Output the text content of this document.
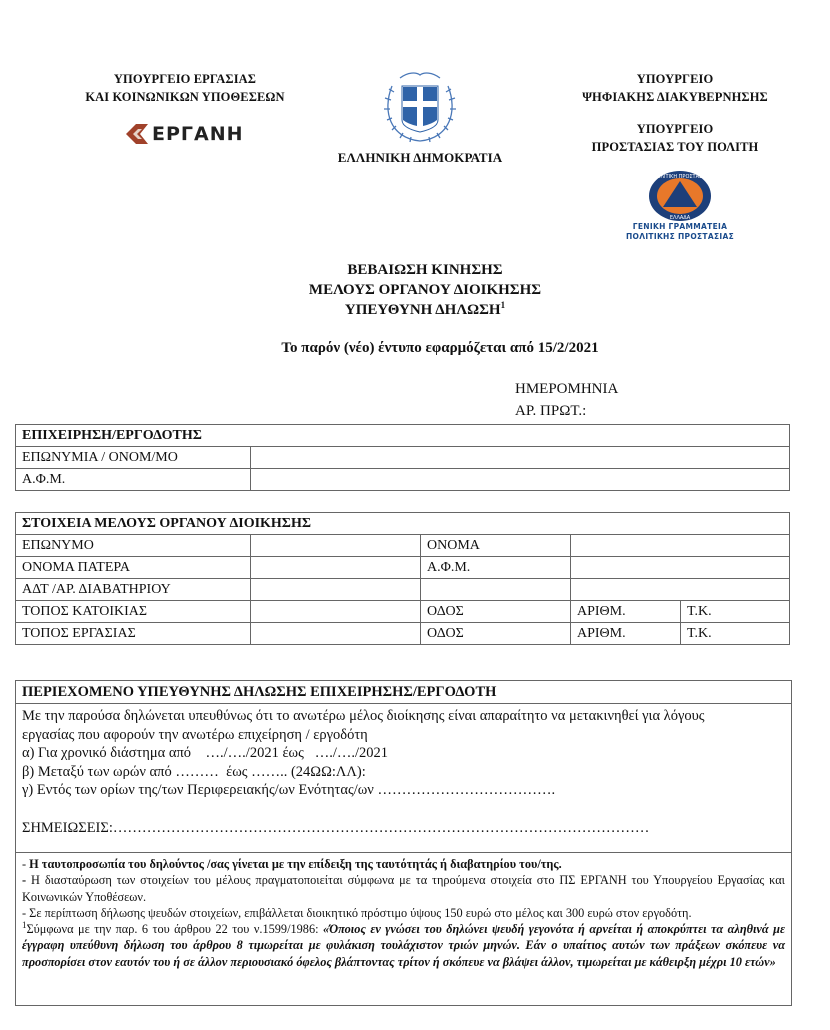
ΥΠΟΥΡΓΕΙΟ ΕΡΓΑΣΙΑΣ
ΚΑΙ ΚΟΙΝΩΝΙΚΩΝ ΥΠΟΘΕΣΕΩΝ
ΕΡΓΑΝΗ
ΕΛΛΗΝΙΚΗ ΔΗΜΟΚΡΑΤΙΑ
ΥΠΟΥΡΓΕΙΟ
ΨΗΦΙΑΚΗΣ ΔΙΑΚΥΒΕΡΝΗΣΗΣ
ΥΠΟΥΡΓΕΙΟ
ΠΡΟΣΤΑΣΙΑΣ ΤΟΥ ΠΟΛΙΤΗ
ΠΟΛΙΤΙΚΗ ΠΡΟΣΤΑΣΙΑ
ΕΛΛΑΔΑ
ΓΕΝΙΚΗ ΓΡΑΜΜΑΤΕΙΑ
ΠΟΛΙΤΙΚΗΣ ΠΡΟΣΤΑΣΙΑΣ
ΒΕΒΑΙΩΣΗ ΚΙΝΗΣΗΣ
ΜΕΛΟΥΣ ΟΡΓΑΝΟΥ ΔΙΟΙΚΗΣΗΣ
ΥΠΕΥΘΥΝΗ ΔΗΛΩΣΗ$^1$
Το παρόν (νέο) έντυπο εφαρμόζεται από 15/2/2021
ΗΜΕΡΟΜΗΝΙΑ
ΑΡ. ΠΡΩΤ.:
ΕΠΙΧΕΙΡΗΣΗ/ΕΡΓΟΔΟΤΗΣ	
ΕΠΩΝΥΜΙΑ / ΟΝΟΜ/ΜΟ	
Α.Φ.Μ.	
ΣΤΟΙΧΕΙΑ ΜΕΛΟΥΣ ΟΡΓΑΝΟΥ ΔΙΟΙΚΗΣΗΣ				
ΕΠΩΝΥΜΟ		ΟΝΟΜΑ		
ΟΝΟΜΑ ΠΑΤΕΡΑ		Α.Φ.Μ.		
ΑΔΤ /ΑΡ. ΔΙΑΒΑΤΗΡΙΟΥ				
ΤΟΠΟΣ ΚΑΤΟΙΚΙΑΣ		ΟΔΟΣ	ΑΡΙΘΜ.	Τ.Κ.
ΤΟΠΟΣ ΕΡΓΑΣΙΑΣ		ΟΔΟΣ	ΑΡΙΘΜ.	Τ.Κ.
ΠΕΡΙΕΧΟΜΕΝΟ ΥΠΕΥΘΥΝΗΣ ΔΗΛΩΣΗΣ ΕΠΙΧΕΙΡΗΣΗΣ/ΕΡΓΟΔΟΤΗ
Με την παρούσα δηλώνεται υπευθύνως ότι το ανωτέρω μέλος διοίκησης είναι απαραίτητο να μετακινηθεί για λόγους
εργασίας που αφορούν την ανωτέρω επιχείρηση / εργοδότη
α) Για χρονικό διάστημα από    …./…./2021 έως   …./…./2021
β) Μεταξύ των ωρών από ………  έως …….. (24ΩΩ:ΛΛ):
γ) Εντός των ορίων της/των Περιφερειακής/ων Ενότητας/ων ……………………………….
ΣΗΜΕΙΩΣΕΙΣ:…………………………………………………………………………………………………
- Η ταυτοπροσωπία του δηλούντος /σας γίνεται με την επίδειξη της ταυτότητάς ή διαβατηρίου του/της.
- Η διασταύρωση των στοιχείων του μέλους πραγματοποιείται σύμφωνα με τα τηρούμενα στοιχεία στο ΠΣ ΕΡΓΑΝΗ του Υπουργείου Εργασίας και Κοινωνικών Υποθέσεων.
- Σε περίπτωση δήλωσης ψευδών στοιχείων, επιβάλλεται διοικητικό πρόστιμο ύψους 150 ευρώ στο μέλος και 300 ευρώ στον εργοδότη.
$^1$Σύμφωνα με την παρ. 6 του άρθρου 22 του ν.1599/1986: «Όποιος εν γνώσει του δηλώνει ψευδή γεγονότα ή αρνείται ή αποκρύπτει τα αληθινά με έγγραφη υπεύθυνη δήλωση του άρθρου 8 τιμωρείται με φυλάκιση τουλάχιστον τριών μηνών. Εάν ο υπαίτιος αυτών των πράξεων σκόπευε να προσπορίσει στον εαυτόν του ή σε άλλον περιουσιακό όφελος βλάπτοντας τρίτον ή σκόπευε να βλάψει άλλον, τιμωρείται με κάθειρξη μέχρι 10 ετών»
